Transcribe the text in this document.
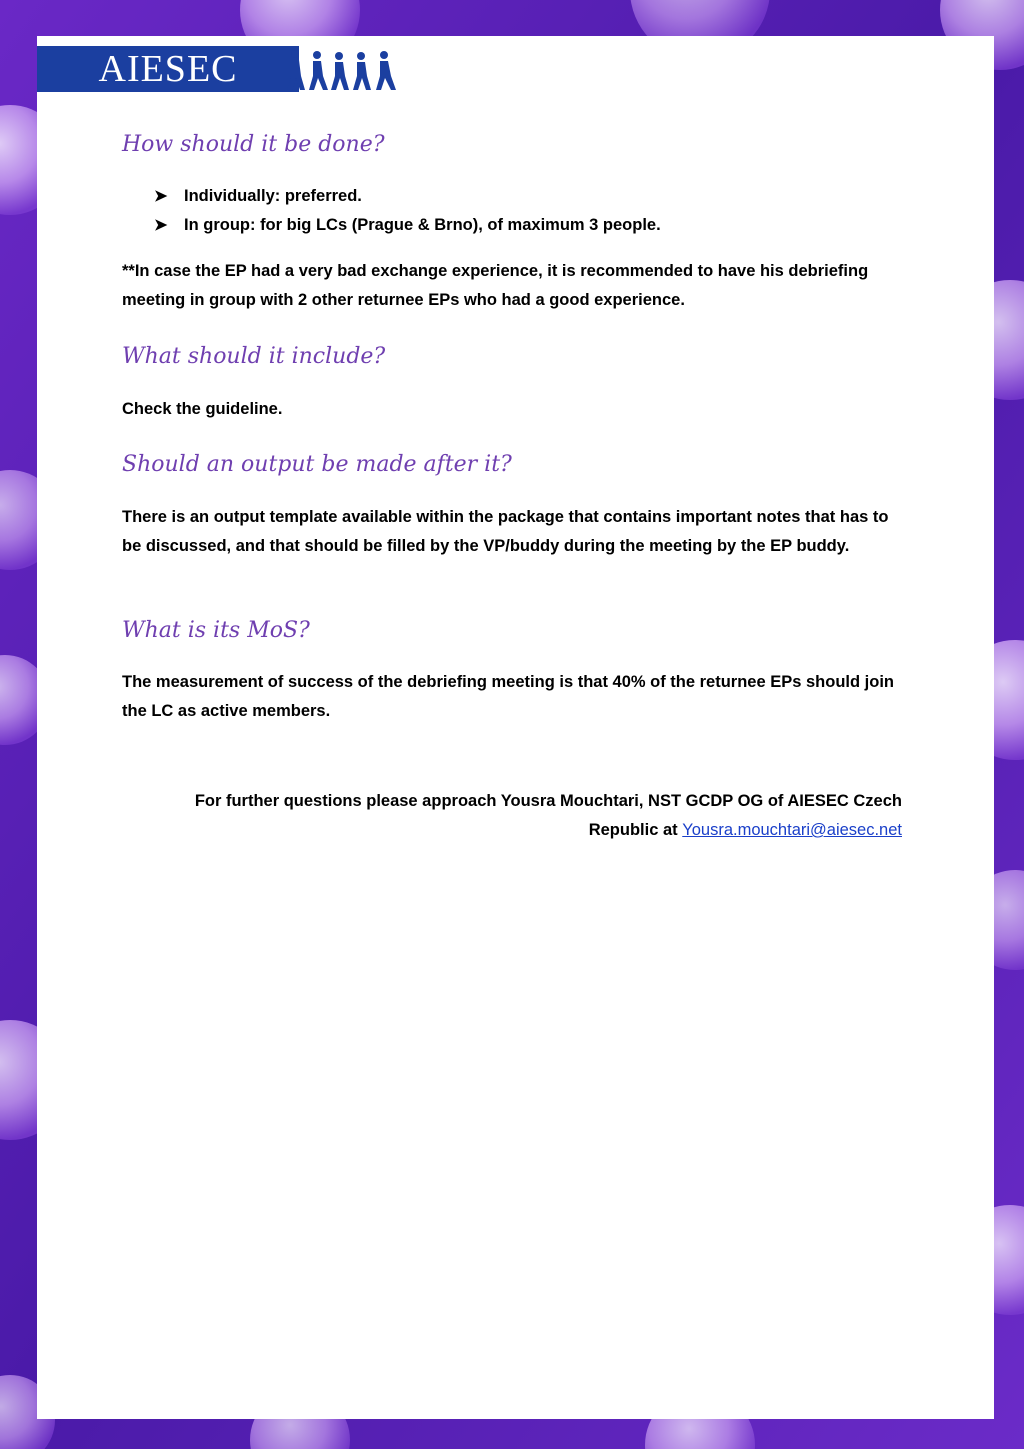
AIESEC
How should it be done?
➤ Individually: preferred.
➤ In group: for big LCs (Prague & Brno), of maximum 3 people.

**In case the EP had a very bad exchange experience, it is recommended to have his debriefing meeting in group with 2 other returnee EPs who had a good experience.

What should it include?

Check the guideline.

Should an output be made after it?

There is an output template available within the package that contains important notes that has to be discussed, and that should be filled by the VP/buddy during the meeting by the EP buddy.

What is its MoS?

The measurement of success of the debriefing meeting is that 40% of the returnee EPs should join the LC as active members.

For further questions please approach Yousra Mouchtari, NST GCDP OG of AIESEC Czech
Republic at Yousra.mouchtari@aiesec.net
